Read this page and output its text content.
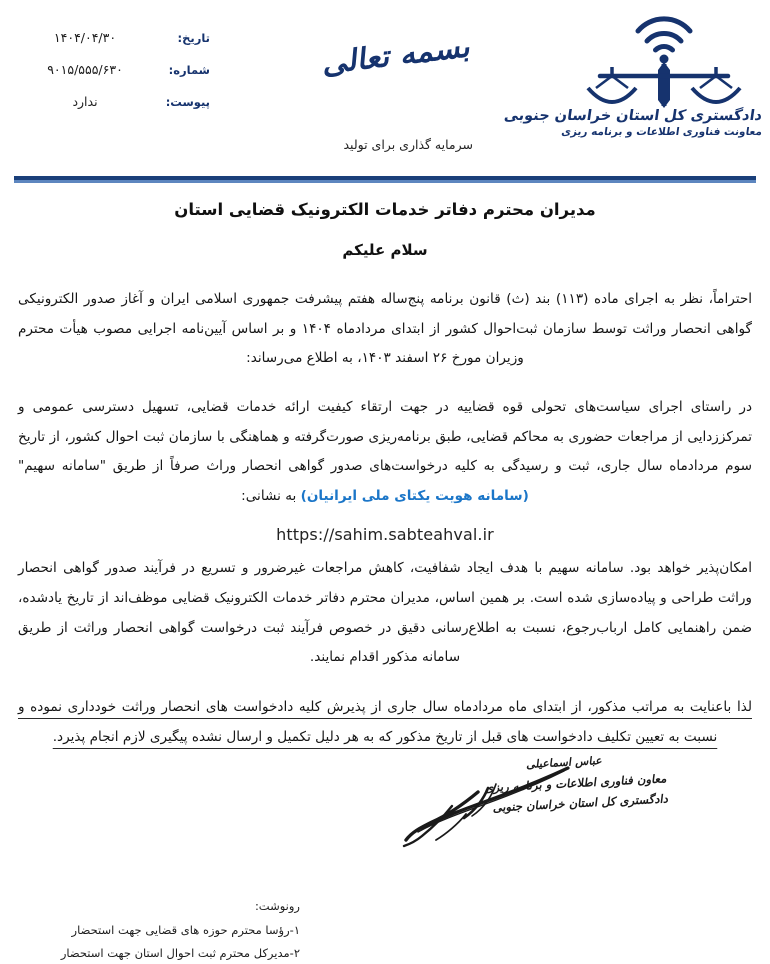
دادگستری کل استان خراسان جنوبی
معاونت فناوری اطلاعات و برنامه ریزی
بسمه تعالی
تاریخ:
۱۴۰۴/۰۴/۳۰
شماره:
۹۰۱۵/۵۵۵/۶۳۰
پیوست:
ندارد
سرمایه گذاری برای تولید
مدیران محترم دفاتر خدمات الکترونیک قضایی استان
سلام علیکم

احتراماً، نظر به اجرای ماده (۱۱۳) بند (ث) قانون برنامه پنج‌ساله هفتم پیشرفت جمهوری اسلامی ایران و آغاز صدور الکترونیکی گواهی انحصار وراثت توسط سازمان ثبت‌احوال کشور از ابتدای مردادماه ۱۴۰۴ و بر اساس آیین‌نامه اجرایی مصوب هیأت محترم وزیران مورخ ۲۶ اسفند ۱۴۰۳، به اطلاع می‌رساند:

در راستای اجرای سیاست‌های تحولی قوه قضاییه در جهت ارتقاء کیفیت ارائه خدمات قضایی، تسهیل دسترسی عمومی و تمرکززدایی از مراجعات حضوری به محاکم قضایی، طبق برنامه‌ریزی صورت‌گرفته و هماهنگی با سازمان ثبت احوال کشور، از تاریخ سوم مردادماه سال جاری، ثبت و رسیدگی به کلیه درخواست‌های صدور گواهی انحصار وراث صرفاً از طریق "سامانه سهیم" (سامانه هویت یکتای ملی ایرانیان) به نشانی:

https://sahim.sabteahval.ir

امکان‌پذیر خواهد بود. سامانه سهیم با هدف ایجاد شفافیت، کاهش مراجعات غیرضرور و تسریع در فرآیند صدور گواهی انحصار وراثت طراحی و پیاده‌سازی شده است. بر همین اساس، مدیران محترم دفاتر خدمات الکترونیک قضایی موظف‌اند از تاریخ یادشده، ضمن راهنمایی کامل ارباب‌رجوع، نسبت به اطلاع‌رسانی دقیق در خصوص فرآیند ثبت درخواست گواهی انحصار وراثت از طریق سامانه مذکور اقدام نمایند.

لذا باعنایت به مراتب مذکور، از ابتدای ماه مردادماه سال جاری از پذیرش کلیه دادخواست های انحصار وراثت خودداری نموده و نسبت به تعیین تکلیف دادخواست های قبل از تاریخ مذکور که به هر دلیل تکمیل و ارسال نشده پیگیری لازم انجام پذیرد.

عباس اسماعیلی
معاون فناوری اطلاعات و برنامه ریزی
دادگستری کل استان خراسان جنوبی
رونوشت:
۱-رؤسا محترم حوزه های قضایی جهت استحضار
۲-مدیرکل محترم ثبت احوال استان جهت استحضار
